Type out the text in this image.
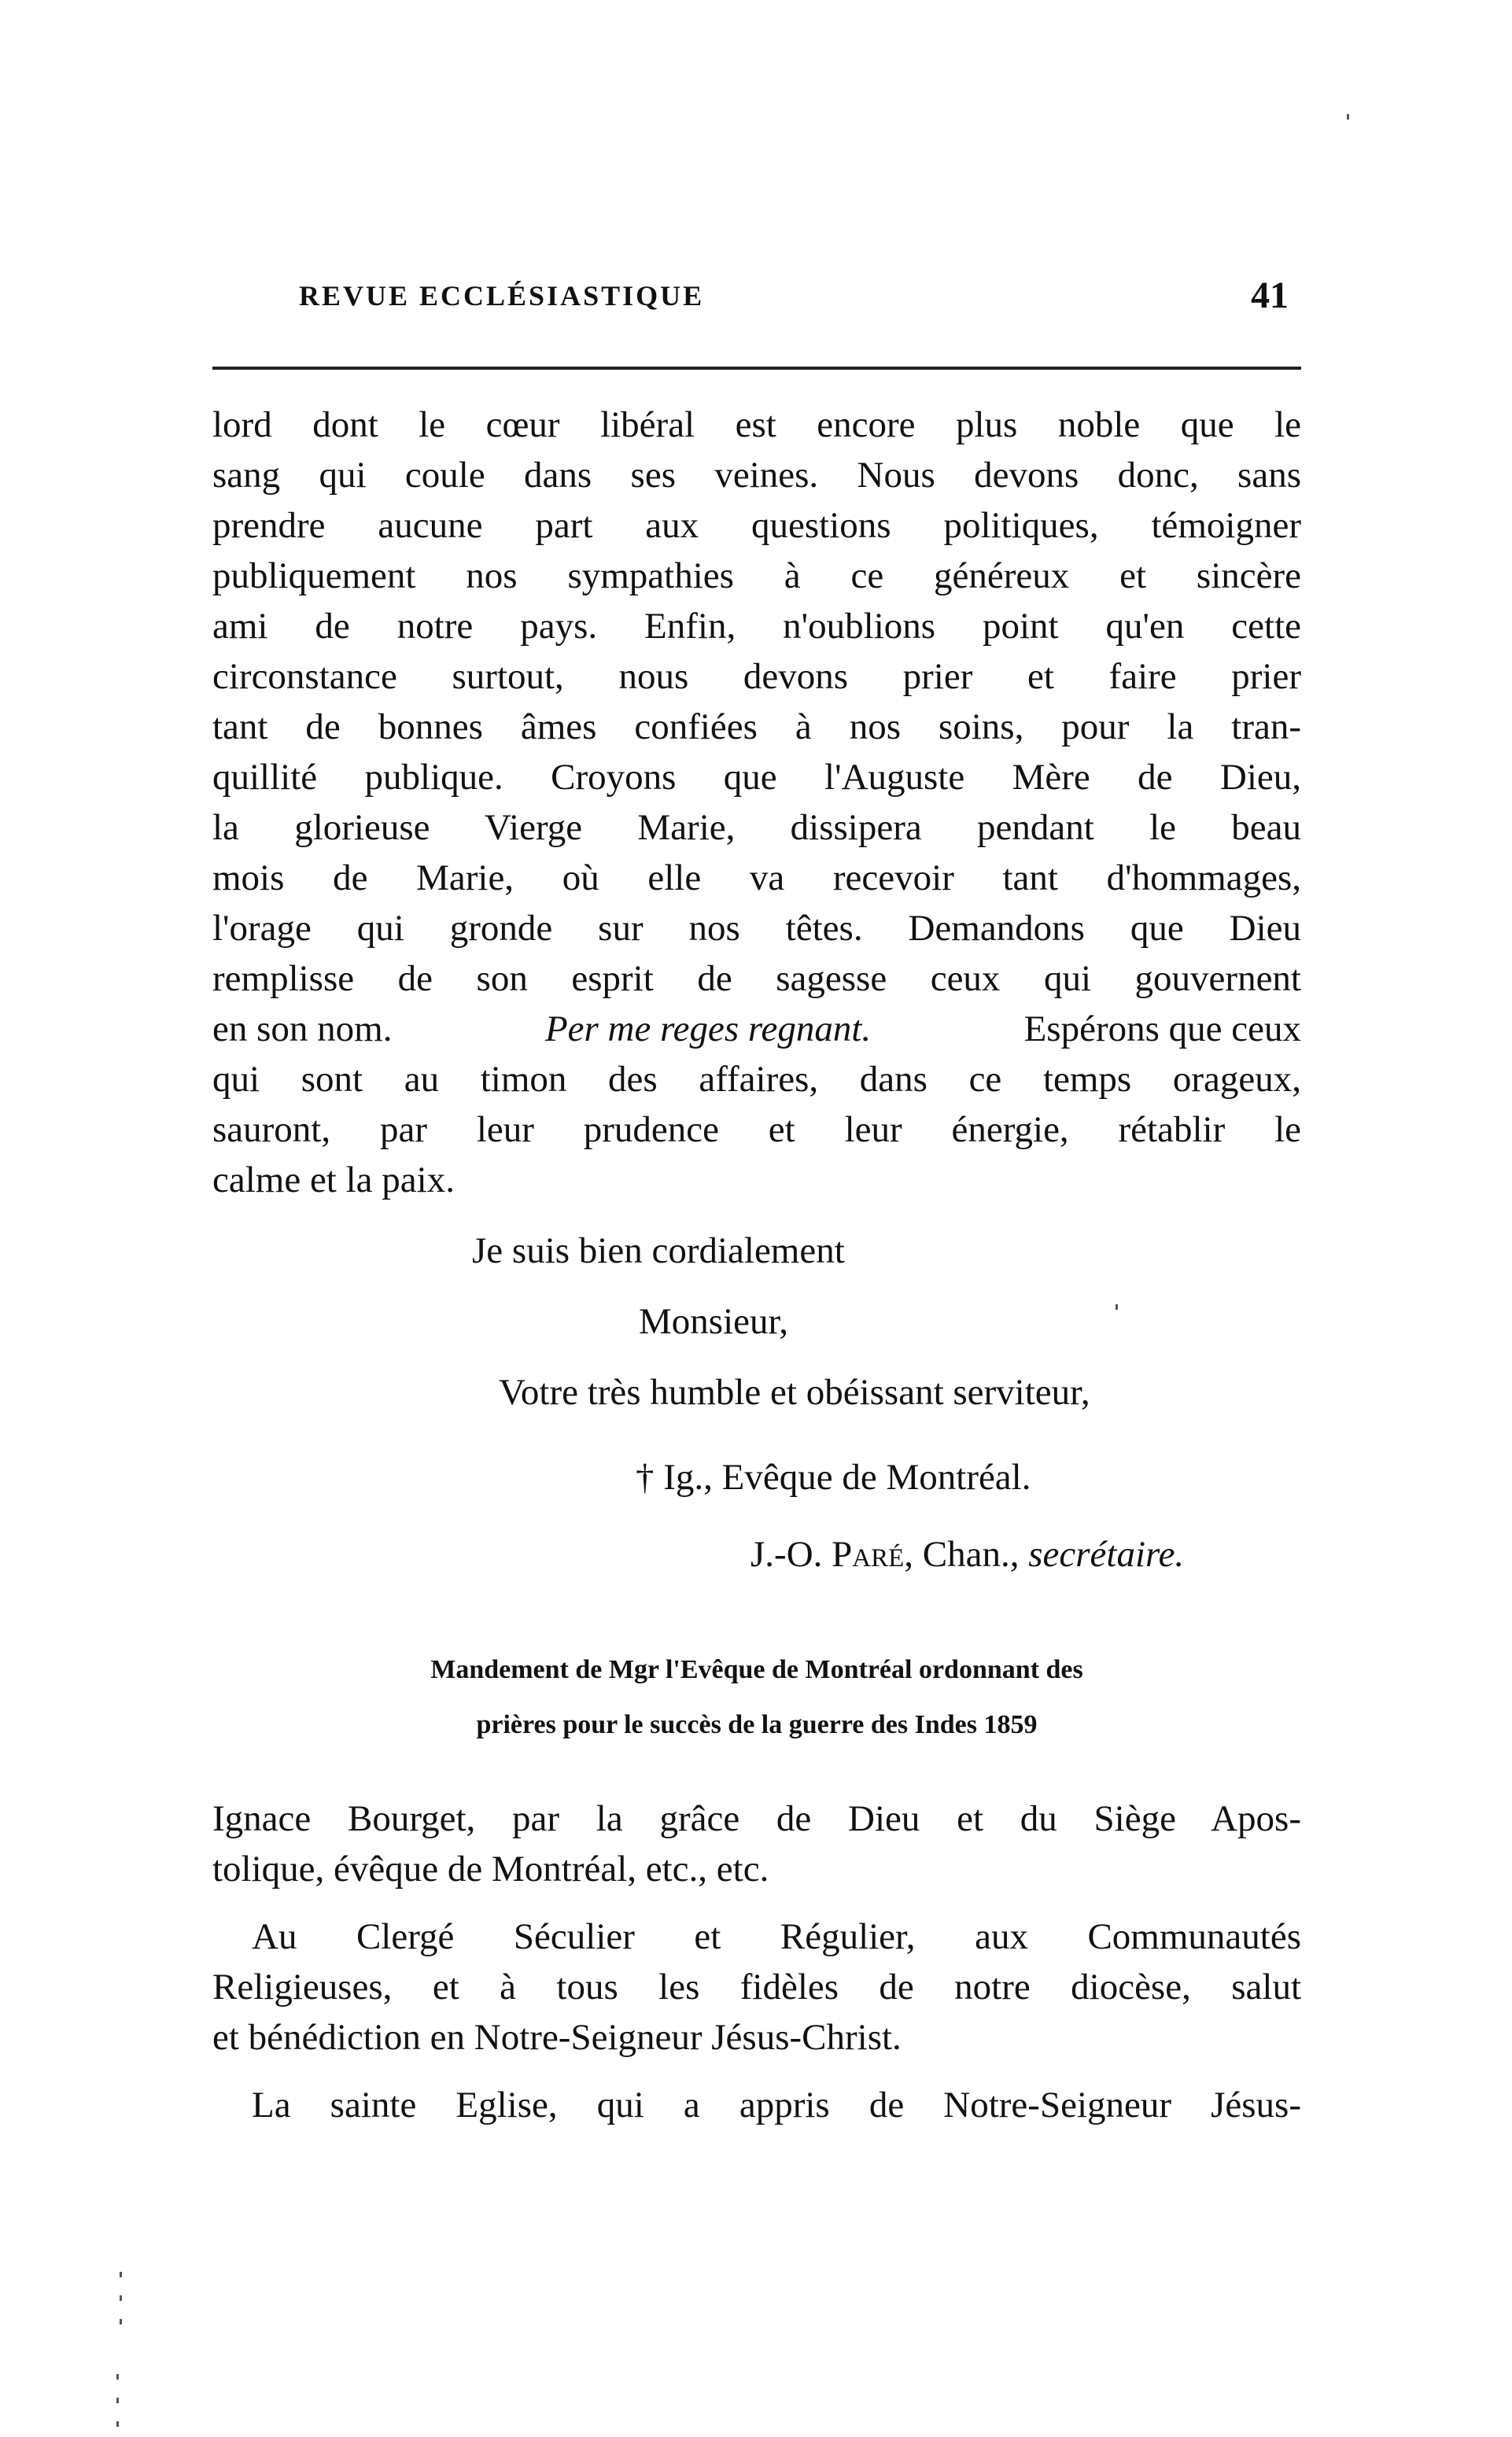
REVUE ECCLÉSIASTIQUE	41
lord dont le cœur libéral est encore plus noble que le
sang qui coule dans ses veines. Nous devons donc, sans
prendre aucune part aux questions politiques, témoigner
publiquement nos sympathies à ce généreux et sincère
ami de notre pays. Enfin, n'oublions point qu'en cette
circonstance surtout, nous devons prier et faire prier
tant de bonnes âmes confiées à nos soins, pour la tran-
quillité publique. Croyons que l'Auguste Mère de Dieu,
la glorieuse Vierge Marie, dissipera pendant le beau
mois de Marie, où elle va recevoir tant d'hommages,
l'orage qui gronde sur nos têtes. Demandons que Dieu
remplisse de son esprit de sagesse ceux qui gouvernent
en son nom.	Per me reges regnant.	Espérons que ceux
qui sont au timon des affaires, dans ce temps orageux,
sauront, par leur prudence et leur énergie, rétablir le
calme et la paix.
Je suis bien cordialement
Monsieur,
Votre très humble et obéissant serviteur,
† Ig., Evêque de Montréal.
J.-O. Paré, Chan., secrétaire.
Mandement de Mgr l'Evêque de Montréal ordonnant des
prières pour le succès de la guerre des Indes 1859
Ignace Bourget, par la grâce de Dieu et du Siège Apos-
tolique, évêque de Montréal, etc., etc.
Au Clergé Séculier et Régulier, aux Communautés
Religieuses, et à tous les fidèles de notre diocèse, salut
et bénédiction en Notre-Seigneur Jésus-Christ.
La sainte Eglise, qui a appris de Notre-Seigneur Jésus-
